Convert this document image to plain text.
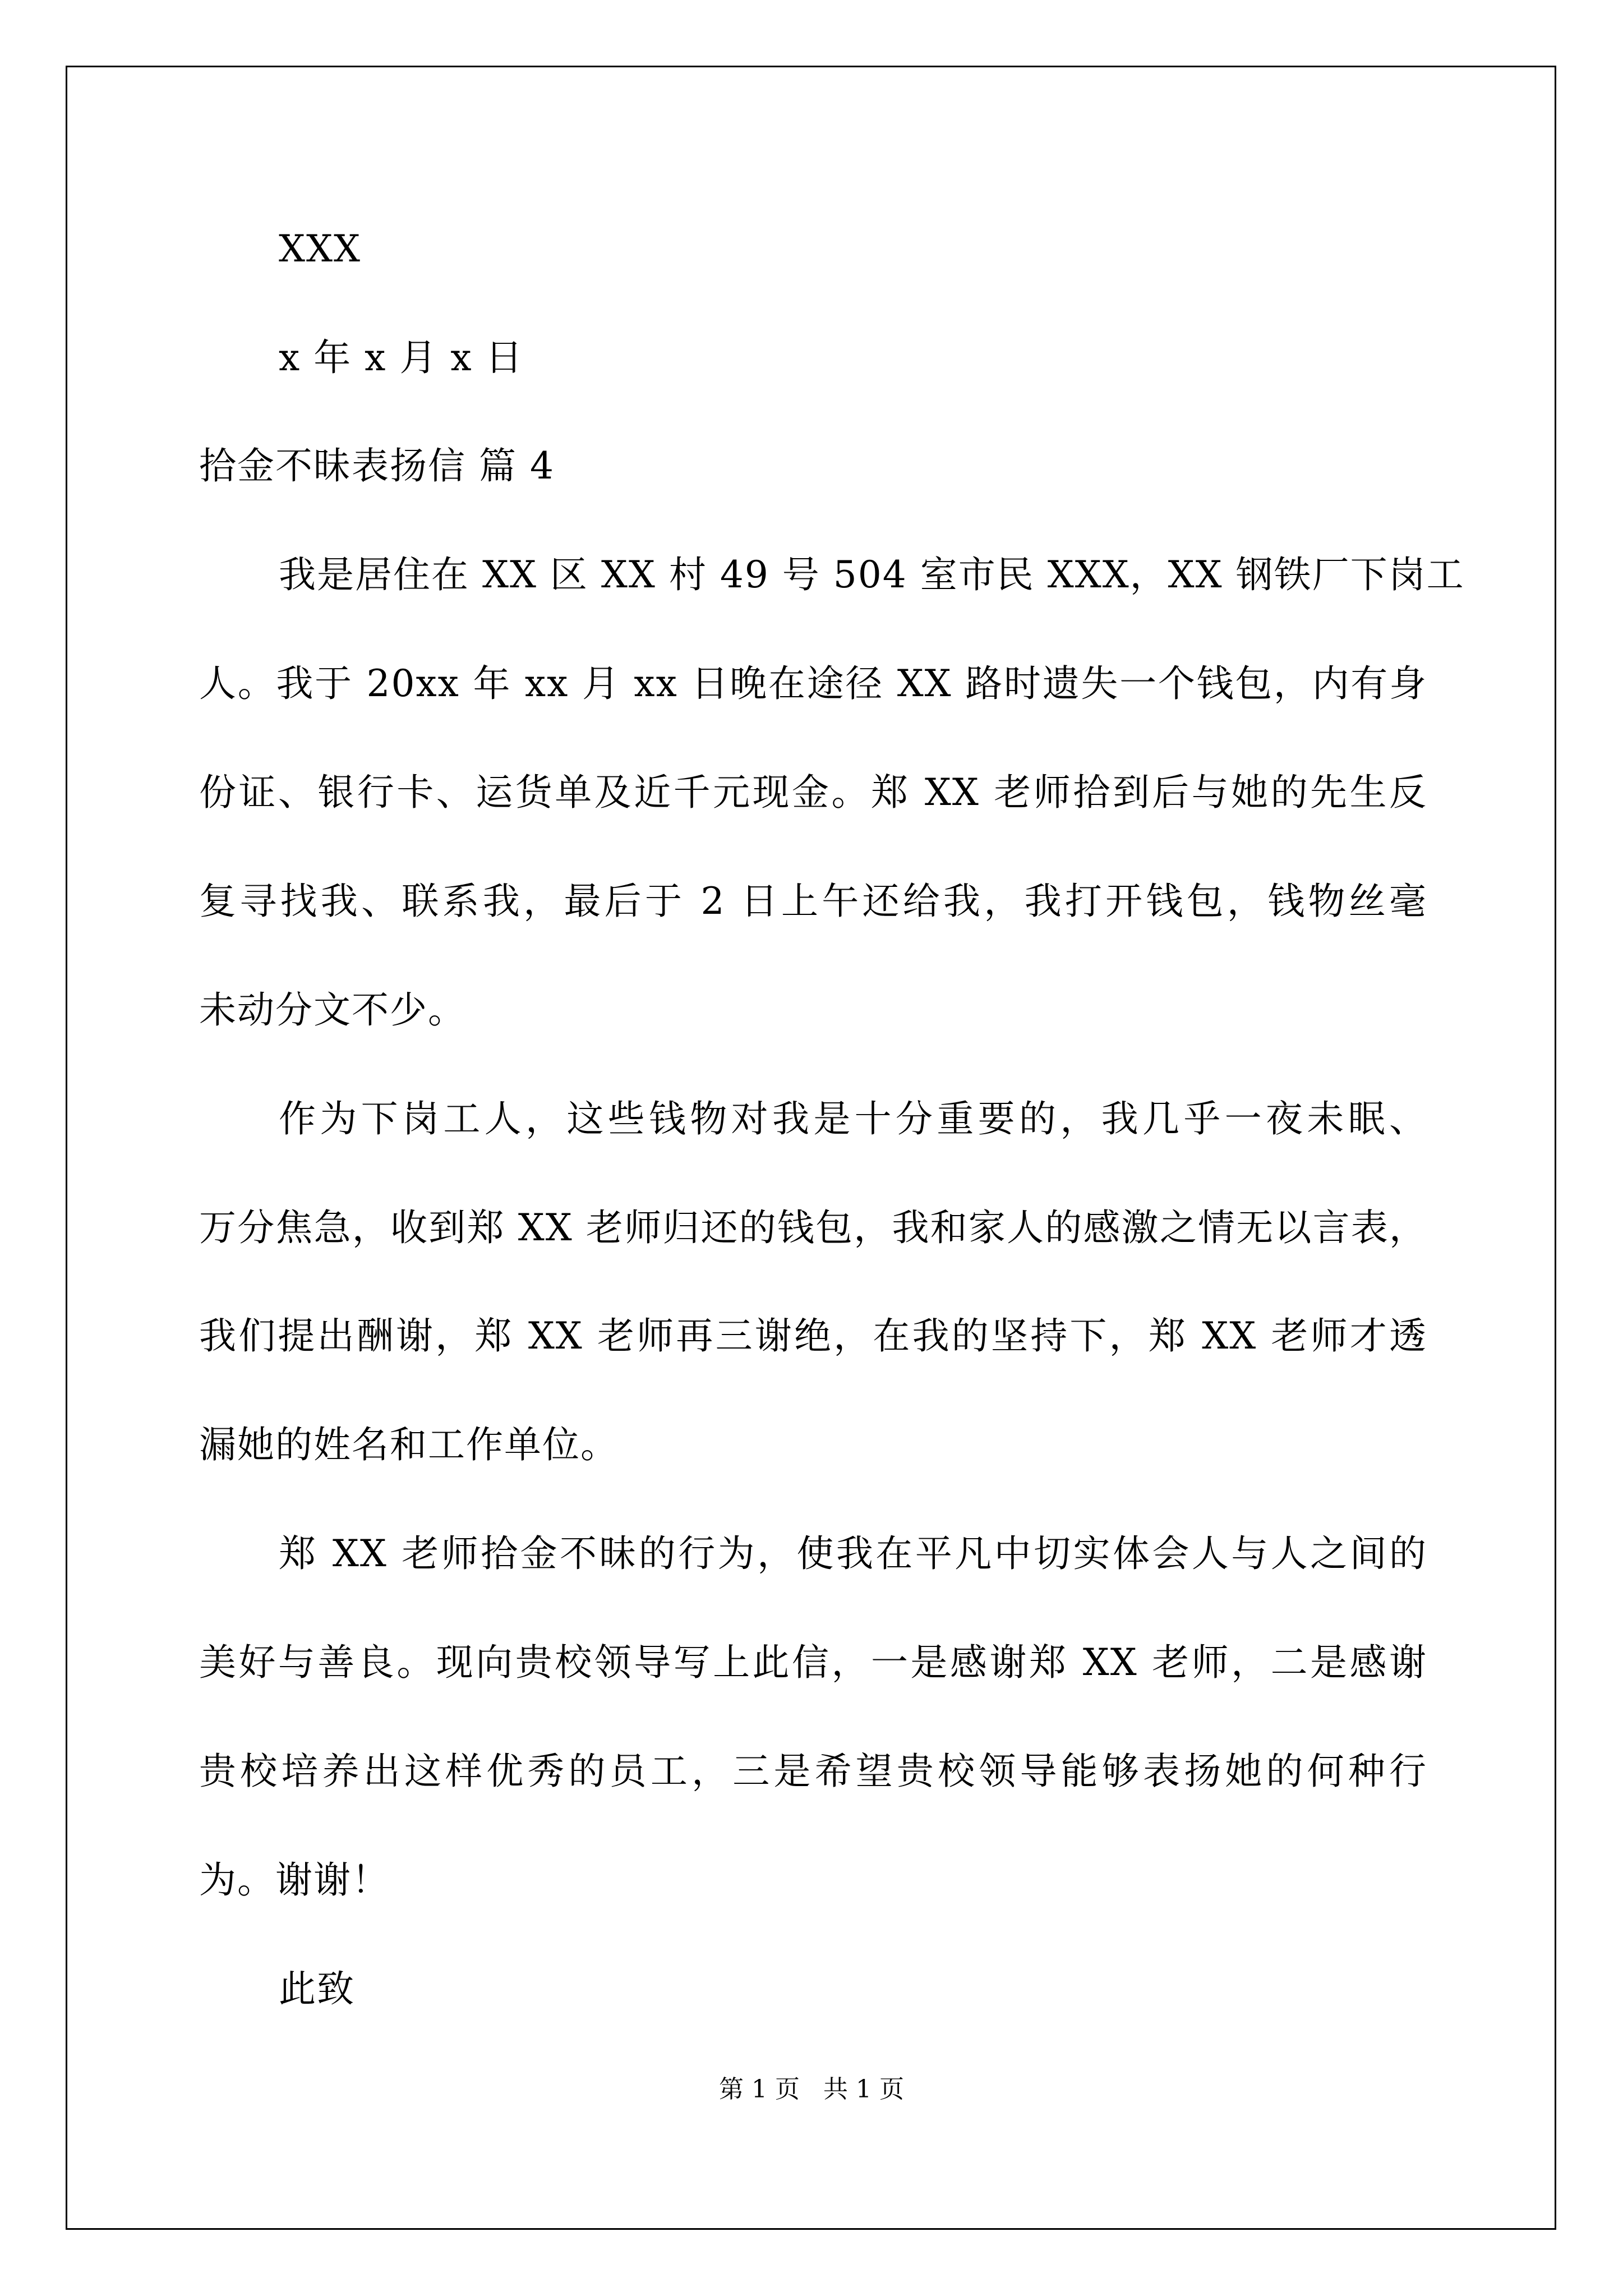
XXX
x 年 x 月 x 日
拾金不昧表扬信 篇 4
我是居住在 XX 区 XX 村 49 号 504 室市民 XXX，XX 钢铁厂下岗工
人。我于 20xx 年 xx 月 xx 日晚在途径 XX 路时遗失一个钱包，内有身
份证、银行卡、运货单及近千元现金。郑 XX 老师拾到后与她的先生反
复寻找我、联系我，最后于 2 日上午还给我，我打开钱包，钱物丝毫
未动分文不少。
作为下岗工人，这些钱物对我是十分重要的，我几乎一夜未眠、
万分焦急，收到郑 XX 老师归还的钱包，我和家人的感激之情无以言表，
我们提出酬谢，郑 XX 老师再三谢绝，在我的坚持下，郑 XX 老师才透
漏她的姓名和工作单位。
郑 XX 老师拾金不昧的行为，使我在平凡中切实体会人与人之间的
美好与善良。现向贵校领导写上此信，一是感谢郑 XX 老师，二是感谢
贵校培养出这样优秀的员工，三是希望贵校领导能够表扬她的何种行
为。谢谢！
此致
第 1 页   共 1 页
